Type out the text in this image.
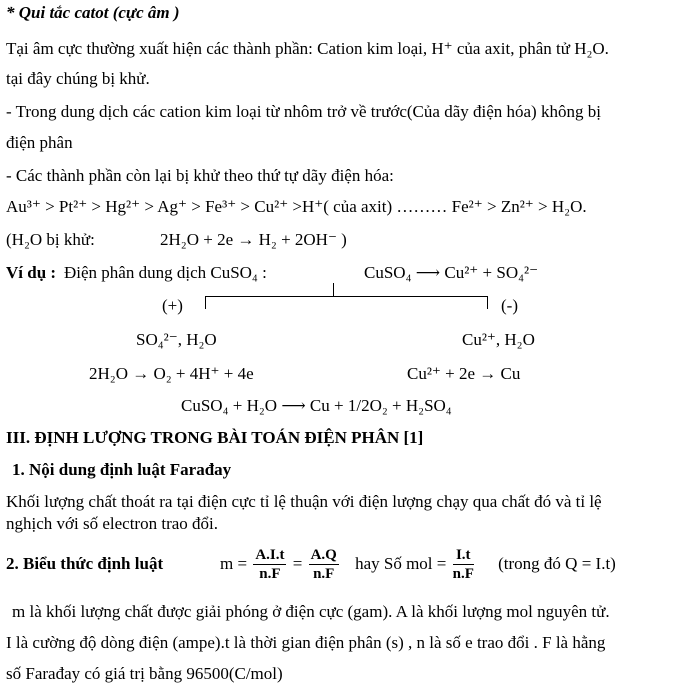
* Qui tắc catot (cực âm )
Tại âm cực thường xuất hiện các thành phần: Cation kim loại, H⁺ của axit, phân tử H₂O.
tại đây chúng bị khử.
- Trong dung dịch các cation kim loại từ nhôm trở về trước(Của dãy điện hóa) không bị
điện phân
- Các thành phần còn lại bị khử theo thứ tự dãy điện hóa:
Au³⁺ > Pt²⁺ > Hg²⁺ > Ag⁺ > Fe³⁺ > Cu²⁺ >H⁺( của axit) ……… Fe²⁺ > Zn²⁺ > H₂O.
(H₂O bị khử:	2H₂O + 2e → H₂ + 2OH⁻ )
Ví dụ : Điện phân dung dịch CuSO₄ :	CuSO₄ ⟶ Cu²⁺ + SO₄²⁻
(+)	(-)
SO₄²⁻, H₂O	Cu²⁺, H₂O
2H₂O → O₂ + 4H⁺ + 4e	Cu²⁺ + 2e → Cu
CuSO₄ + H₂O ⟶ Cu + 1/2O₂ + H₂SO₄
III. ĐỊNH LƯỢNG TRONG BÀI TOÁN ĐIỆN PHÂN [1]
1. Nội dung định luật Farađay
Khối lượng chất thoát ra tại điện cực tỉ lệ thuận với điện lượng chạy qua chất đó và tỉ lệ
nghịch với số electron trao đổi.
2. Biểu thức định luật	$m = \frac{A.I.t}{n.F} = \frac{A.Q}{n.F}$ hay Số mol = $\frac{I.t}{n.F}$ (trong đó Q = I.t)
m là khối lượng chất được giải phóng ở điện cực (gam). A là khối lượng mol nguyên tử.
I là cường độ dòng điện (ampe).t là thời gian điện phân (s) , n là số e trao đổi . F là hằng
số Farađay có giá trị bằng 96500(C/mol)
